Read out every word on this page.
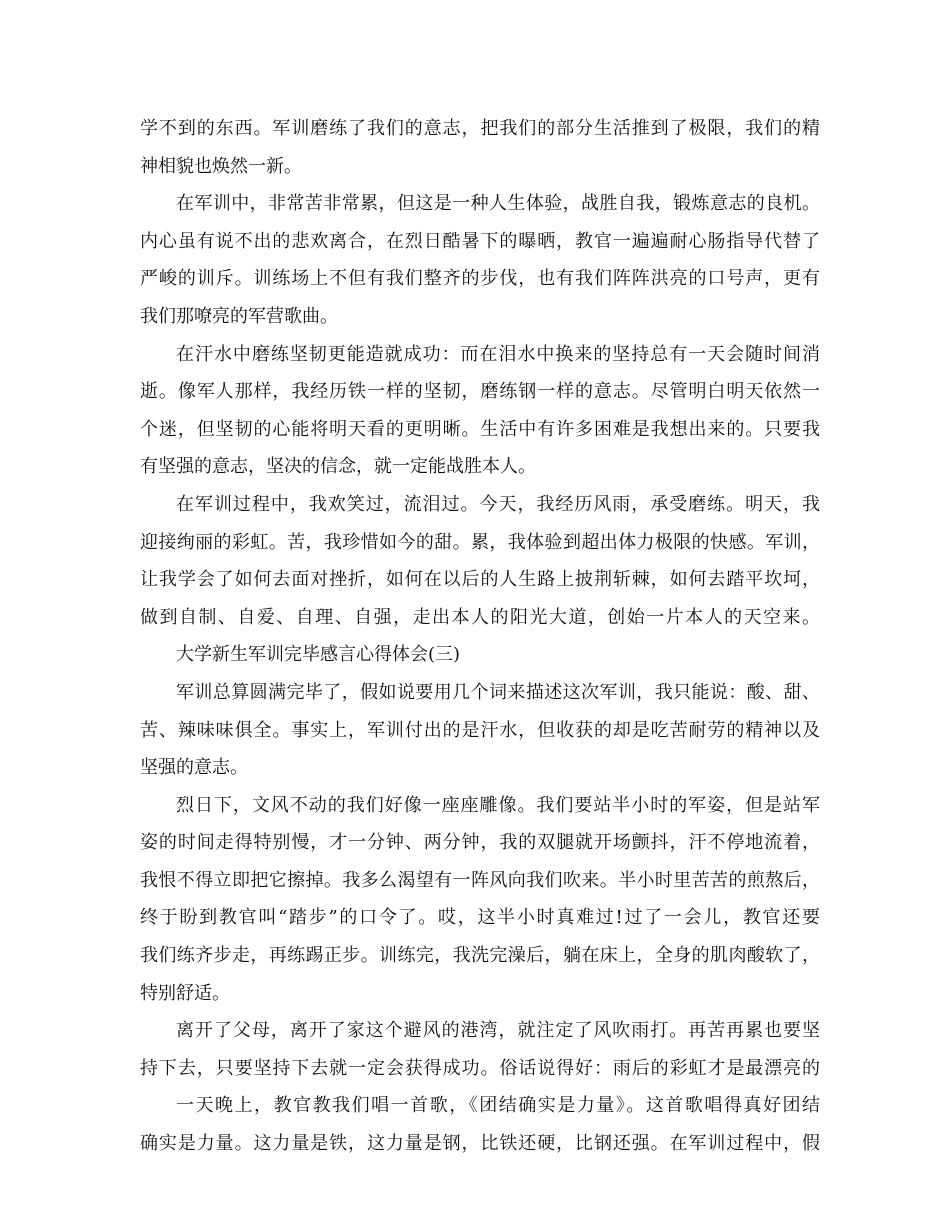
学不到的东西。军训磨练了我们的意志，把我们的部分生活推到了极限，我们的精
神相貌也焕然一新。
在军训中，非常苦非常累，但这是一种人生体验，战胜自我，锻炼意志的良机。
内心虽有说不出的悲欢离合，在烈日酷暑下的曝晒，教官一遍遍耐心肠指导代替了
严峻的训斥。训练场上不但有我们整齐的步伐，也有我们阵阵洪亮的口号声，更有
我们那嘹亮的军营歌曲。
在汗水中磨练坚韧更能造就成功：而在泪水中换来的坚持总有一天会随时间消
逝。像军人那样，我经历铁一样的坚韧，磨练钢一样的意志。尽管明白明天依然一
个迷，但坚韧的心能将明天看的更明晰。生活中有许多困难是我想出来的。只要我
有坚强的意志，坚决的信念，就一定能战胜本人。
在军训过程中，我欢笑过，流泪过。今天，我经历风雨，承受磨练。明天，我
迎接绚丽的彩虹。苦，我珍惜如今的甜。累，我体验到超出体力极限的快感。军训，
让我学会了如何去面对挫折，如何在以后的人生路上披荆斩棘，如何去踏平坎坷，
做到自制、自爱、自理、自强，走出本人的阳光大道，创始一片本人的天空来。
大学新生军训完毕感言心得体会(三)
军训总算圆满完毕了，假如说要用几个词来描述这次军训，我只能说：酸、甜、
苦、辣味味俱全。事实上，军训付出的是汗水，但收获的却是吃苦耐劳的精神以及
坚强的意志。
烈日下，文风不动的我们好像一座座雕像。我们要站半小时的军姿，但是站军
姿的时间走得特别慢，才一分钟、两分钟，我的双腿就开场颤抖，汗不停地流着，
我恨不得立即把它擦掉。我多么渴望有一阵风向我们吹来。半小时里苦苦的煎熬后，
终于盼到教官叫“踏步”的口令了。哎，这半小时真难过!过了一会儿，教官还要
我们练齐步走，再练踢正步。训练完，我洗完澡后，躺在床上，全身的肌肉酸软了，
特别舒适。
离开了父母，离开了家这个避风的港湾，就注定了风吹雨打。再苦再累也要坚
持下去，只要坚持下去就一定会获得成功。俗话说得好：雨后的彩虹才是最漂亮的
一天晚上，教官教我们唱一首歌，《团结确实是力量》。这首歌唱得真好团结
确实是力量。这力量是铁，这力量是钢，比铁还硬，比钢还强。在军训过程中，假
